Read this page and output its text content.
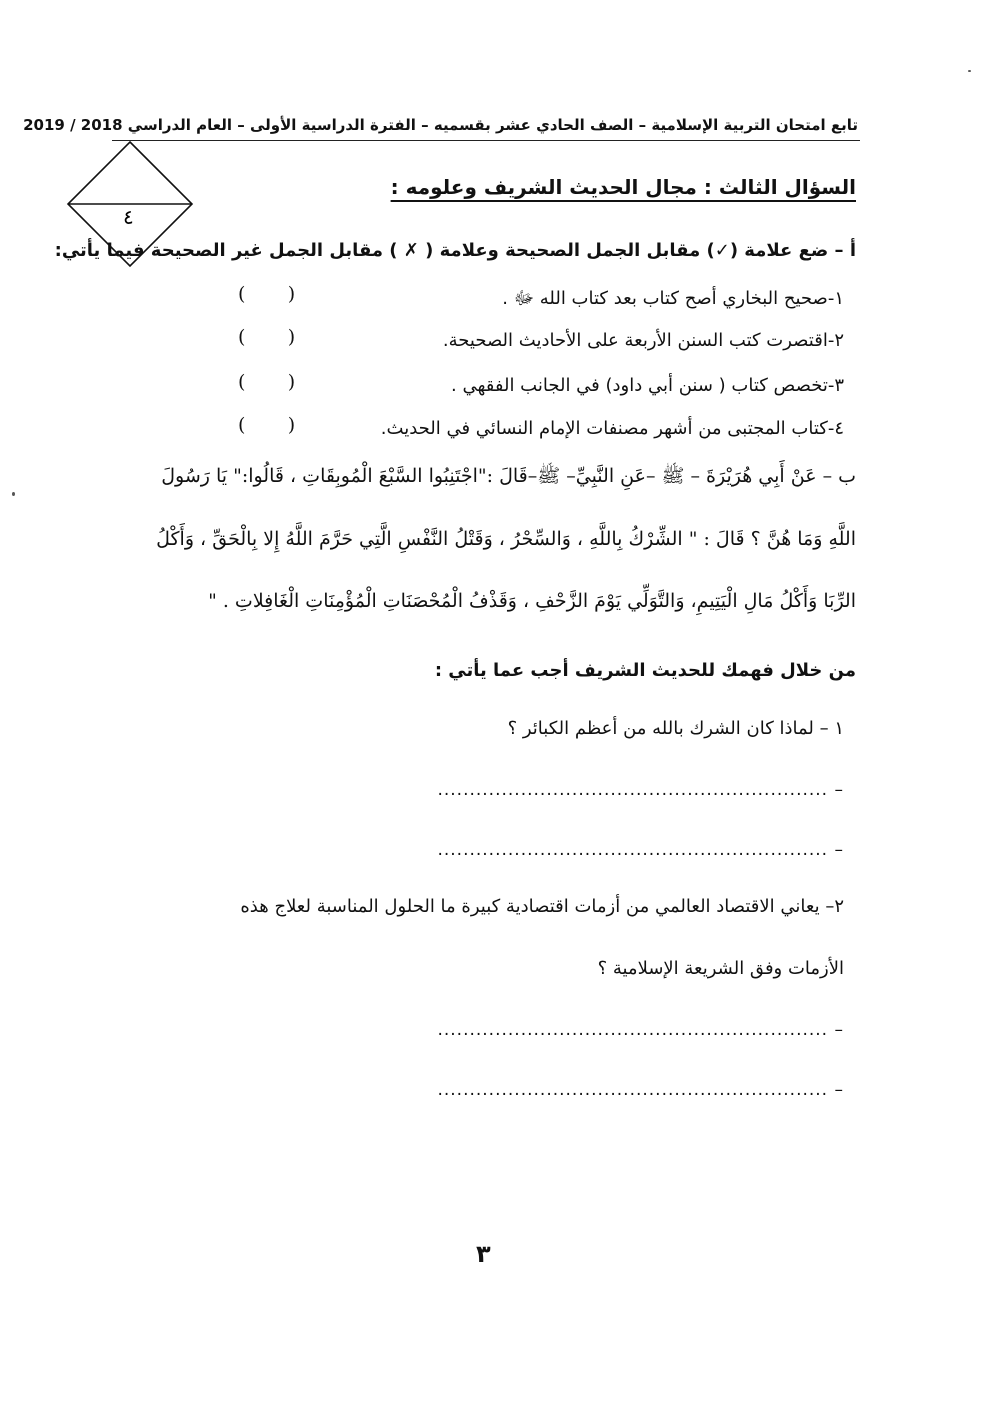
تابع امتحان التربية الإسلامية – الصف الحادي عشر بقسميه – الفترة الدراسية الأولى – العام الدراسي 2018 / 2019
٤
السؤال الثالث : مجال الحديث الشريف وعلومه :
أ – ضع علامة (✓) مقابل الجمل الصحيحة وعلامة ( ✗ ) مقابل الجمل غير الصحيحة فيما يأتي:
١-صحيح البخاري أصح كتاب بعد كتاب الله ﷻ .
(       )
٢-اقتصرت كتب السنن الأربعة على الأحاديث الصحيحة.
(       )
٣-تخصص كتاب ( سنن أبي داود) في الجانب الفقهي .
(       )
٤-كتاب المجتبى من أشهر مصنفات الإمام النسائي في الحديث.
(       )
ب – عَنْ أَبِي هُرَيْرَةَ – ﷺ –عَنِ النَّبِيِّ– ﷺ–قَالَ :"اجْتَنِبُوا السَّبْعَ الْمُوبِقَاتِ ، قَالُوا:" يَا رَسُولَ
اللَّهِ وَمَا هُنَّ ؟ قَالَ : " الشِّرْكُ بِاللَّهِ ، وَالسِّحْرُ ، وَقَتْلُ النَّفْسِ الَّتِي حَرَّمَ اللَّهُ إِلا بِالْحَقِّ ، وَأَكْلُ
الرِّبَا وَأَكْلُ مَالِ الْيَتِيمِ، وَالتَّوَلِّي يَوْمَ الزَّحْفِ ، وَقَذْفُ الْمُحْصَنَاتِ الْمُؤْمِنَاتِ الْغَافِلاتِ . "
من خلال فهمك للحديث الشريف أجب عما يأتي :
١ – لماذا كان الشرك بالله من أعظم الكبائر ؟
– .............................................................
– .............................................................
٢– يعاني الاقتصاد العالمي من أزمات اقتصادية كبيرة ما الحلول المناسبة لعلاج هذه
الأزمات وفق الشريعة الإسلامية ؟
– .............................................................
– .............................................................
٣
